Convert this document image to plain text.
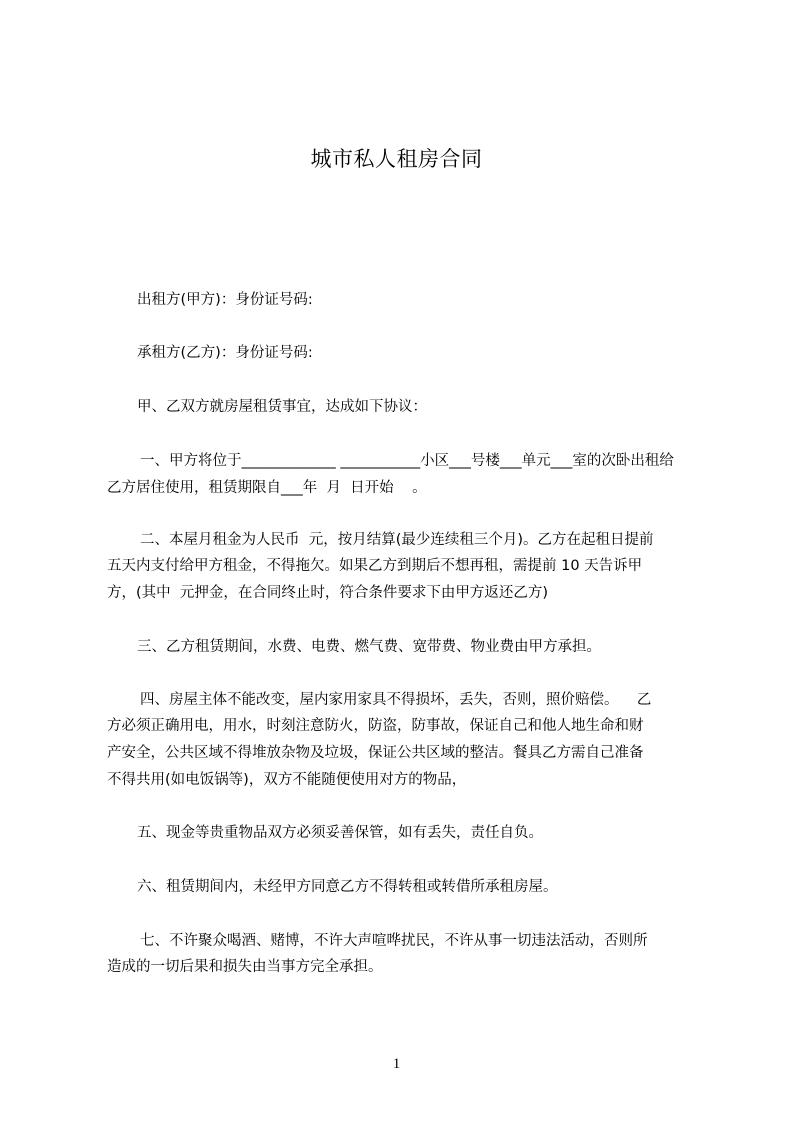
城市私人租房合同
出租方(甲方)：身份证号码:
承租方(乙方)：身份证号码:
甲、乙双方就房屋租赁事宜，达成如下协议：
一、甲方将位于_____________ ___________小区___号楼___单元___室的次卧出租给
乙方居住使用，租赁期限自___年  月  日开始    。
二、本屋月租金为人民币  元，按月结算(最少连续租三个月)。乙方在起租日提前
五天内支付给甲方租金，不得拖欠。如果乙方到期后不想再租，需提前 10 天告诉甲
方，(其中  元押金，在合同终止时，符合条件要求下由甲方返还乙方)
三、乙方租赁期间，水费、电费、燃气费、宽带费、物业费由甲方承担。
四、房屋主体不能改变，屋内家用家具不得损坏，丢失，否则，照价赔偿。    乙
方必须正确用电，用水，时刻注意防火，防盗，防事故，保证自己和他人地生命和财
产安全，公共区域不得堆放杂物及垃圾，保证公共区域的整洁。餐具乙方需自己准备
不得共用(如电饭锅等)，双方不能随便使用对方的物品，
五、现金等贵重物品双方必须妥善保管，如有丢失，责任自负。
六、租赁期间内，未经甲方同意乙方不得转租或转借所承租房屋。
七、不许聚众喝酒、赌博，不许大声喧哗扰民，不许从事一切违法活动，否则所
造成的一切后果和损失由当事方完全承担。
1
